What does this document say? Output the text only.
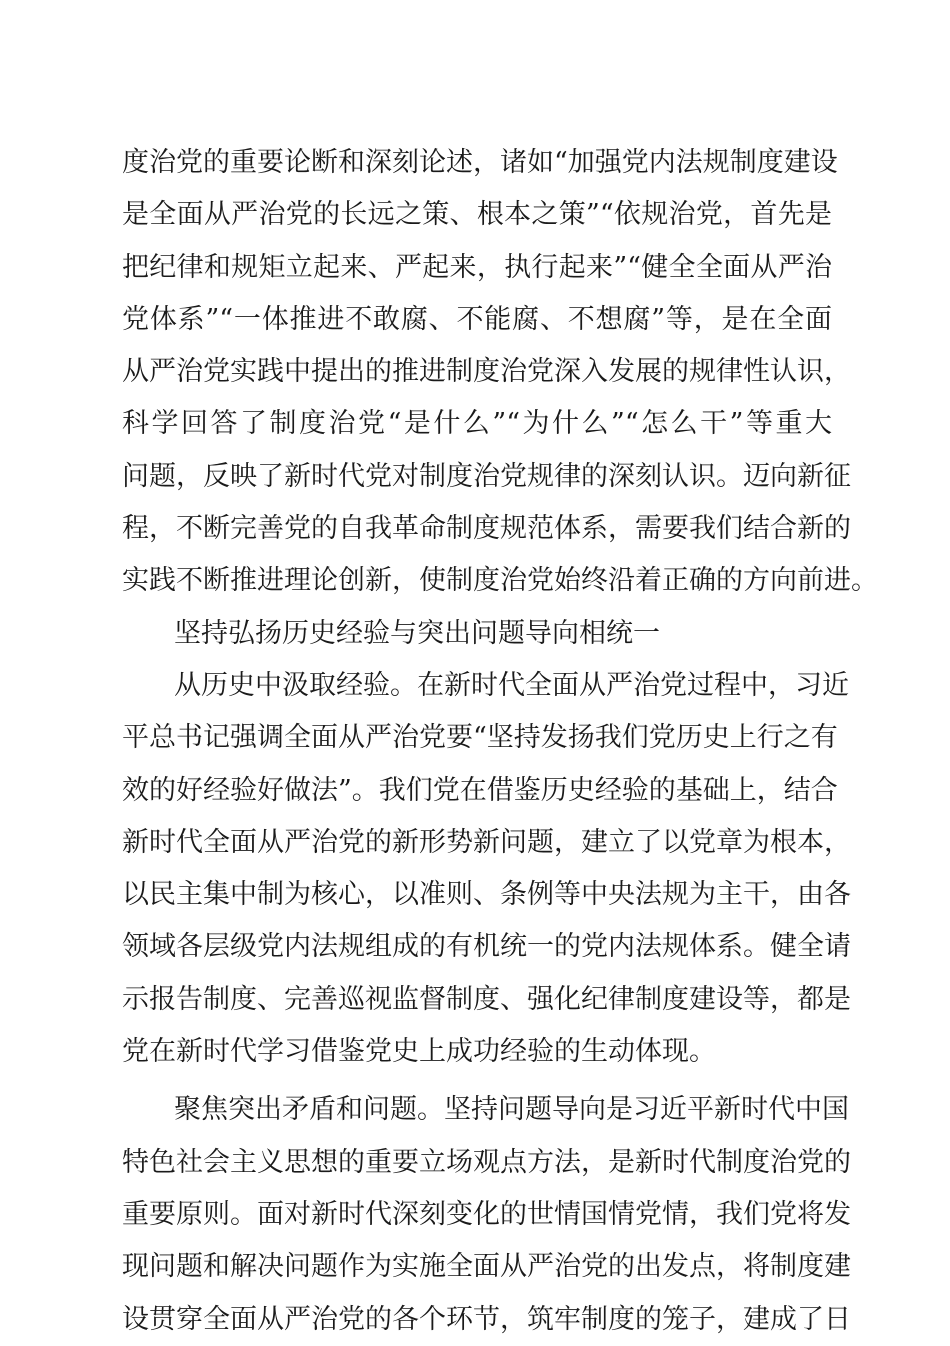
度治党的重要论断和深刻论述，诸如“加强党内法规制度建设
是全面从严治党的长远之策、根本之策”“依规治党，首先是
把纪律和规矩立起来、严起来，执行起来”“健全全面从严治
党体系”“一体推进不敢腐、不能腐、不想腐”等，是在全面
从严治党实践中提出的推进制度治党深入发展的规律性认识，
科学回答了制度治党“是什么”“为什么”“怎么干”等重大
问题，反映了新时代党对制度治党规律的深刻认识。迈向新征
程，不断完善党的自我革命制度规范体系，需要我们结合新的
实践不断推进理论创新，使制度治党始终沿着正确的方向前进。
坚持弘扬历史经验与突出问题导向相统一
从历史中汲取经验。在新时代全面从严治党过程中，习近
平总书记强调全面从严治党要“坚持发扬我们党历史上行之有
效的好经验好做法”。我们党在借鉴历史经验的基础上，结合
新时代全面从严治党的新形势新问题，建立了以党章为根本，
以民主集中制为核心，以准则、条例等中央法规为主干，由各
领域各层级党内法规组成的有机统一的党内法规体系。健全请
示报告制度、完善巡视监督制度、强化纪律制度建设等，都是
党在新时代学习借鉴党史上成功经验的生动体现。
聚焦突出矛盾和问题。坚持问题导向是习近平新时代中国
特色社会主义思想的重要立场观点方法，是新时代制度治党的
重要原则。面对新时代深刻变化的世情国情党情，我们党将发
现问题和解决问题作为实施全面从严治党的出发点，将制度建
设贯穿全面从严治党的各个环节，筑牢制度的笼子，建成了日
